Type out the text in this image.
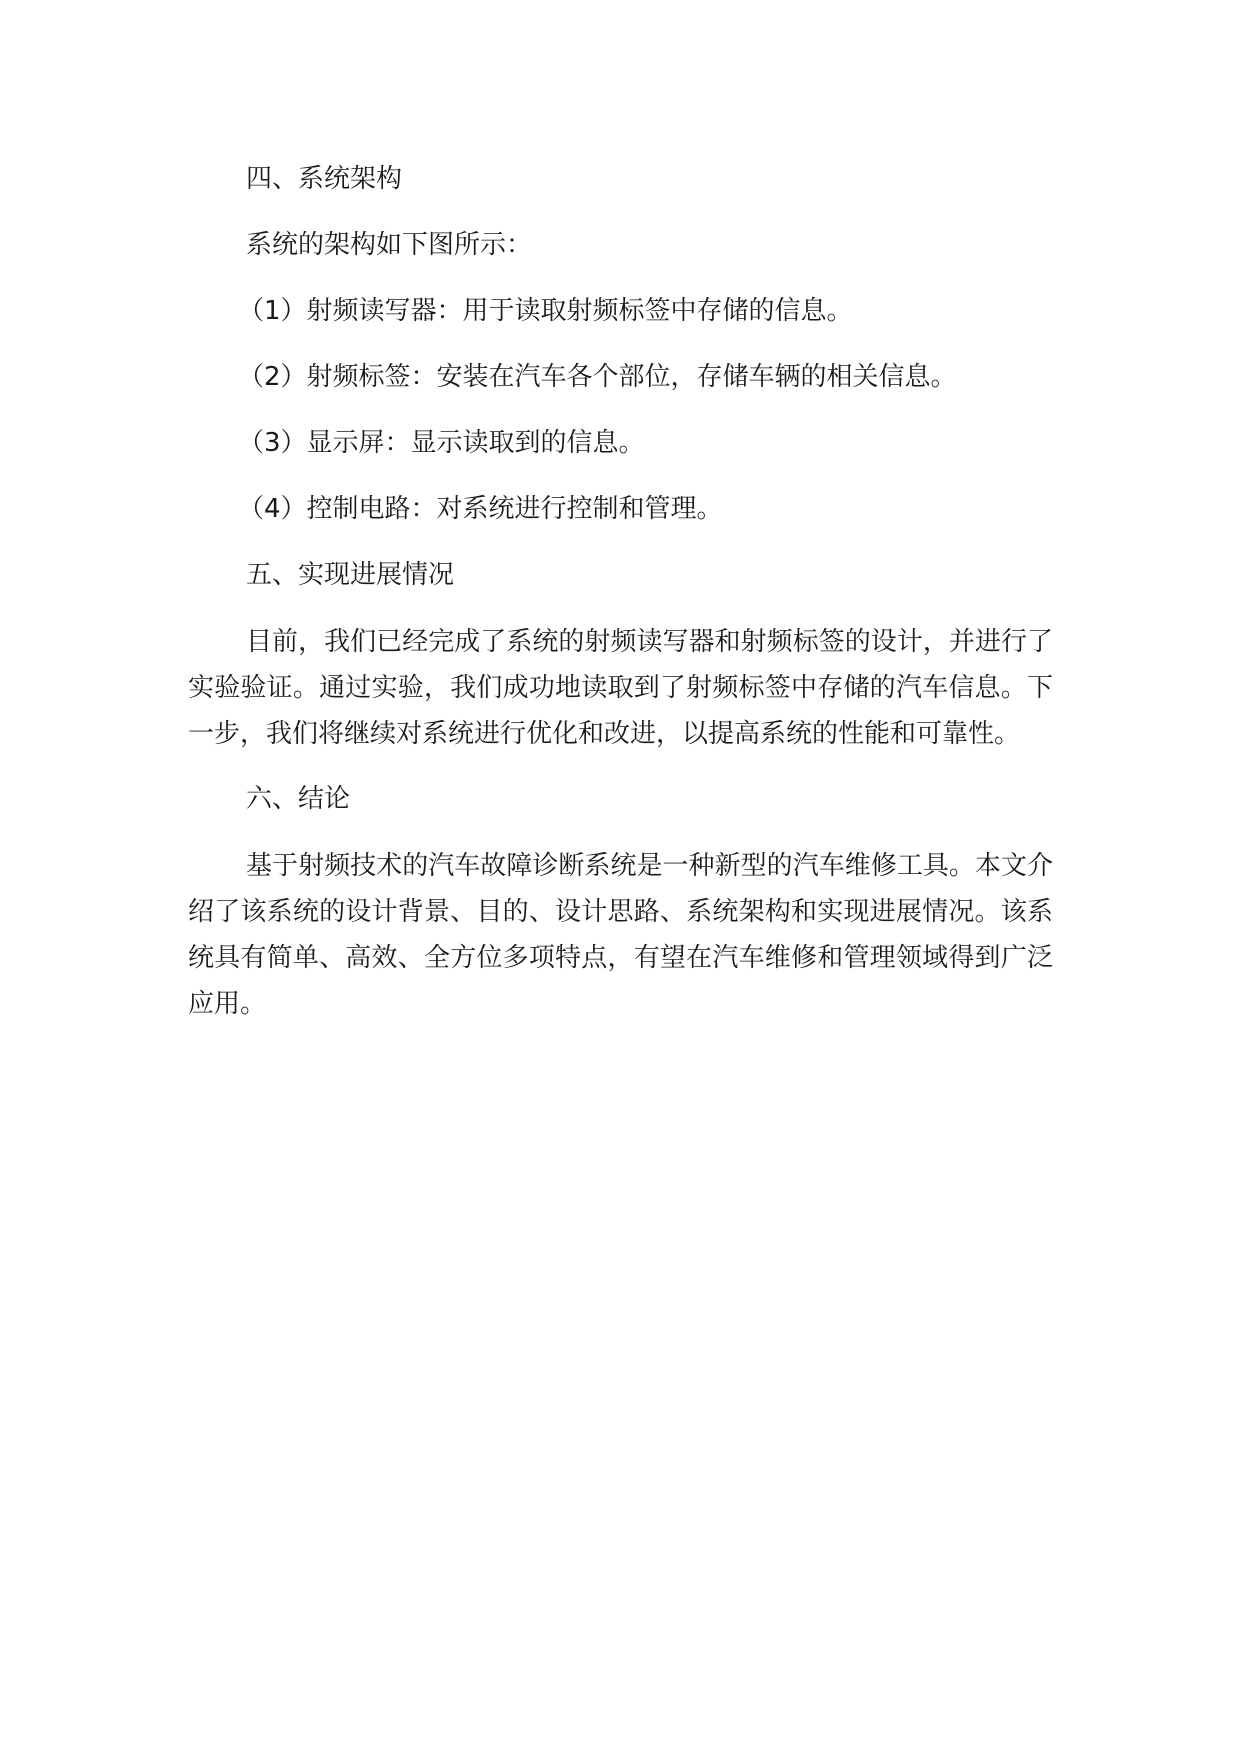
四、系统架构

系统的架构如下图所示：

（1）射频读写器：用于读取射频标签中存储的信息。

（2）射频标签：安装在汽车各个部位，存储车辆的相关信息。

（3）显示屏：显示读取到的信息。

（4）控制电路：对系统进行控制和管理。

五、实现进展情况

目前，我们已经完成了系统的射频读写器和射频标签的设计，并进行了实验验证。通过实验，我们成功地读取到了射频标签中存储的汽车信息。下一步，我们将继续对系统进行优化和改进，以提高系统的性能和可靠性。

六、结论

基于射频技术的汽车故障诊断系统是一种新型的汽车维修工具。本文介绍了该系统的设计背景、目的、设计思路、系统架构和实现进展情况。该系统具有简单、高效、全方位多项特点，有望在汽车维修和管理领域得到广泛应用。
